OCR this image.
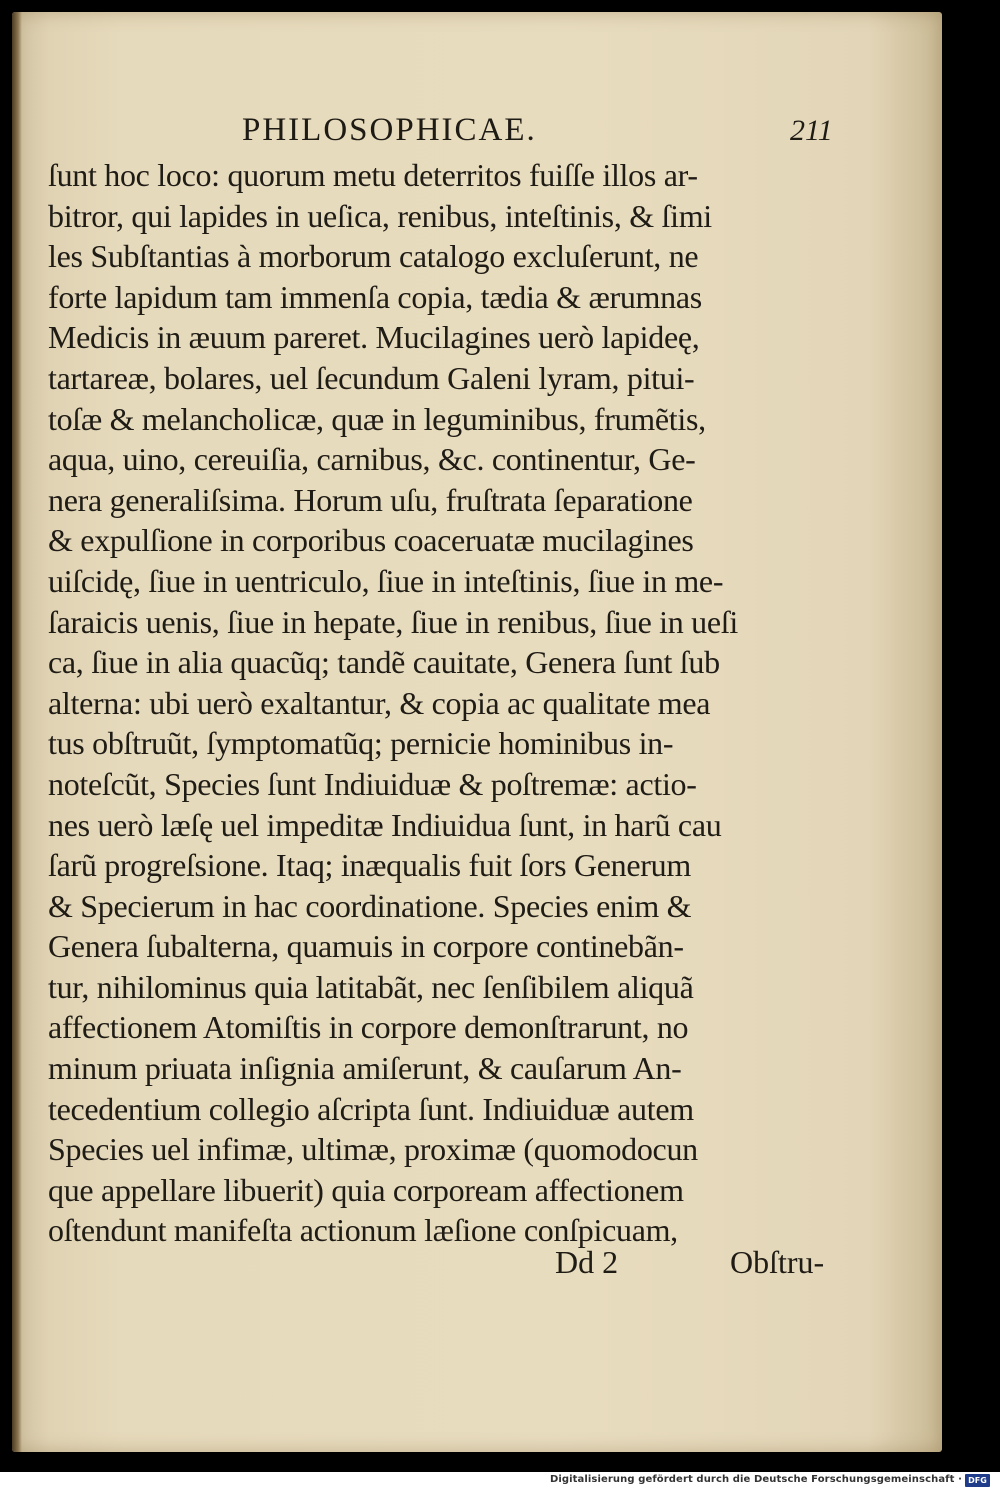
PHILOSOPHICAE.	211
ſunt hoc loco: quorum metu deterritos fuiſſe illos ar-
bitror, qui lapides in ueſica, renibus, inteſtinis, & ſimi
les Subſtantias à morborum catalogo excluſerunt, ne
forte lapidum tam immenſa copia, tædia & ærumnas
Medicis in æuum pareret. Mucilagines uerò lapideę,
tartareæ, bolares, uel ſecundum Galeni lyram, pitui-
toſæ & melancholicæ, quæ in leguminibus, frumẽtis,
aqua, uino, cereuiſia, carnibus, &c. continentur, Ge-
nera generaliſsima. Horum uſu, fruſtrata ſeparatione
& expulſione in corporibus coaceruatæ mucilagines
uiſcidę, ſiue in uentriculo, ſiue in inteſtinis, ſiue in me-
ſaraicis uenis, ſiue in hepate, ſiue in renibus, ſiue in ueſi
ca, ſiue in alia quacũq; tandẽ cauitate, Genera ſunt ſub
alterna: ubi uerò exaltantur, & copia ac qualitate mea
tus obſtruũt, ſymptomatũq; pernicie hominibus in-
noteſcũt, Species ſunt Indiuiduæ & poſtremæ: actio-
nes uerò læſę uel impeditæ Indiuidua ſunt, in harũ cau
ſarũ progreſsione. Itaq; inæqualis fuit ſors Generum
& Specierum in hac coordinatione. Species enim &
Genera ſubalterna, quamuis in corpore continebãn-
tur, nihilominus quia latitabãt, nec ſenſibilem aliquã
affectionem Atomiſtis in corpore demonſtrarunt, no
minum priuata inſignia amiſerunt, & cauſarum An-
tecedentium collegio aſcripta ſunt. Indiuiduæ autem
Species uel infimæ, ultimæ, proximæ (quomodocun
que appellare libuerit) quia corpoream affectionem
oſtendunt manifeſta actionum læſione conſpicuam,
Dd 2	Obſtru-
Digitalisierung gefördert durch die Deutsche Forschungsgemeinschaft · DFG
